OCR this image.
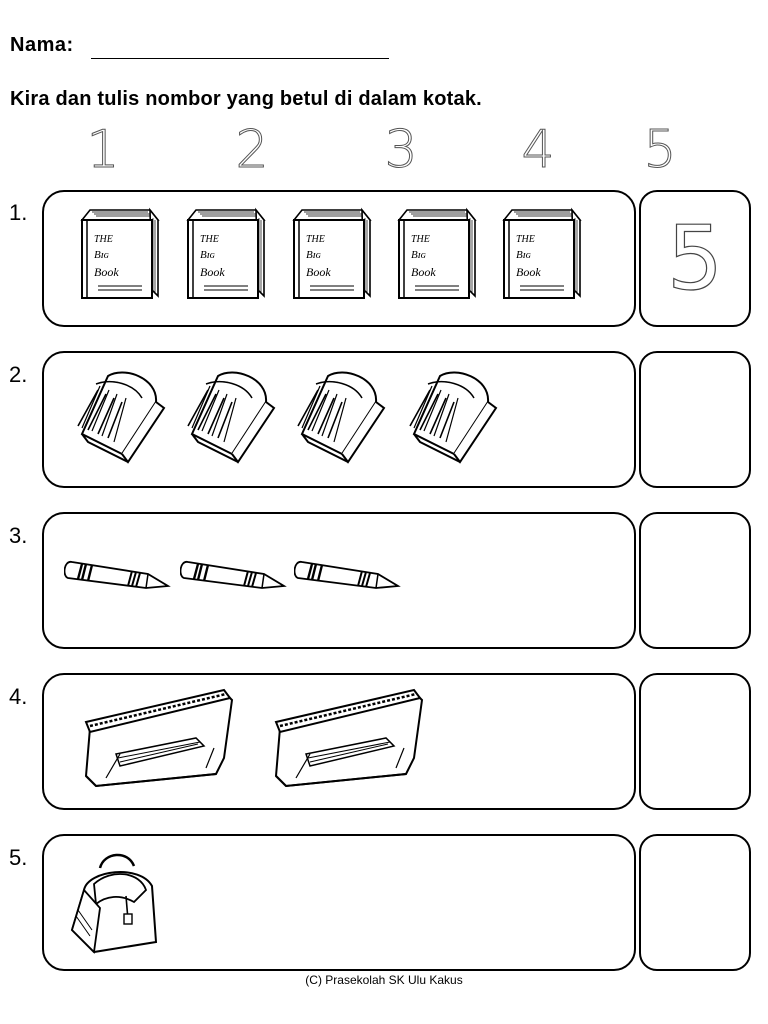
Nama:
Kira dan tulis nombor yang betul di dalam kotak.
1 2 3 4 5
1.	5
THE
Bɪɢ
Book
THE
Bɪɢ
Book
THE
Bɪɢ
Book
THE
Bɪɢ
Book
THE
Bɪɢ
Book
2.
3.
4.
5.
(C) Prasekolah SK Ulu Kakus
